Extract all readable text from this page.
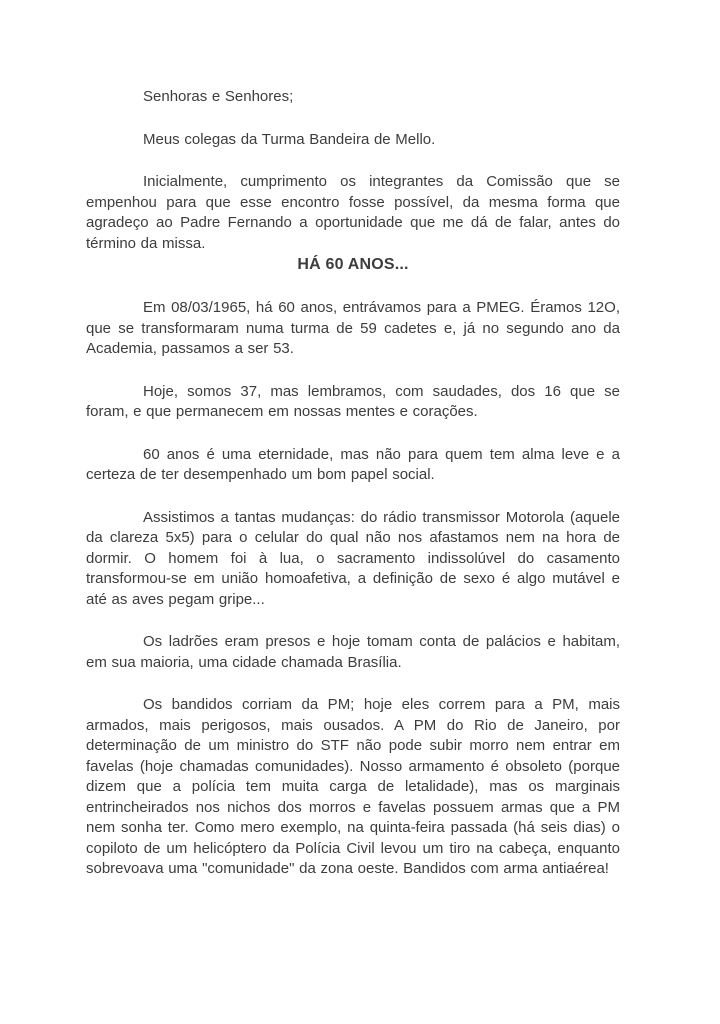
Senhoras e Senhores;

Meus colegas da Turma Bandeira de Mello.

Inicialmente, cumprimento os integrantes da Comissão que se empenhou para que esse encontro fosse possível, da mesma forma que agradeço ao Padre Fernando a oportunidade que me dá de falar, antes do término da missa.

HÁ 60 ANOS...

Em 08/03/1965, há 60 anos, entrávamos para a PMEG. Éramos 12O, que se transformaram numa turma de 59 cadetes e, já no segundo ano da Academia, passamos a ser 53.

Hoje, somos 37, mas lembramos, com saudades, dos 16 que se foram, e que permanecem em nossas mentes e corações.

60 anos é uma eternidade, mas não para quem tem alma leve e a certeza de ter desempenhado um bom papel social.

Assistimos a tantas mudanças: do rádio transmissor Motorola (aquele da clareza 5x5) para o celular do qual não nos afastamos nem na hora de dormir. O homem foi à lua, o sacramento indissolúvel do casamento transformou-se em união homoafetiva, a definição de sexo é algo mutável e até as aves pegam gripe...

Os ladrões eram presos e hoje tomam conta de palácios e habitam, em sua maioria, uma cidade chamada Brasília.

Os bandidos corriam da PM; hoje eles correm para a PM, mais armados, mais perigosos, mais ousados. A PM do Rio de Janeiro, por determinação de um ministro do STF não pode subir morro nem entrar em favelas (hoje chamadas comunidades). Nosso armamento é obsoleto (porque dizem que a polícia tem muita carga de letalidade), mas os marginais entrincheirados nos nichos dos morros e favelas possuem armas que a PM nem sonha ter. Como mero exemplo, na quinta-feira passada (há seis dias) o copiloto de um helicóptero da Polícia Civil levou um tiro na cabeça, enquanto sobrevoava uma "comunidade" da zona oeste. Bandidos com arma antiaérea!
